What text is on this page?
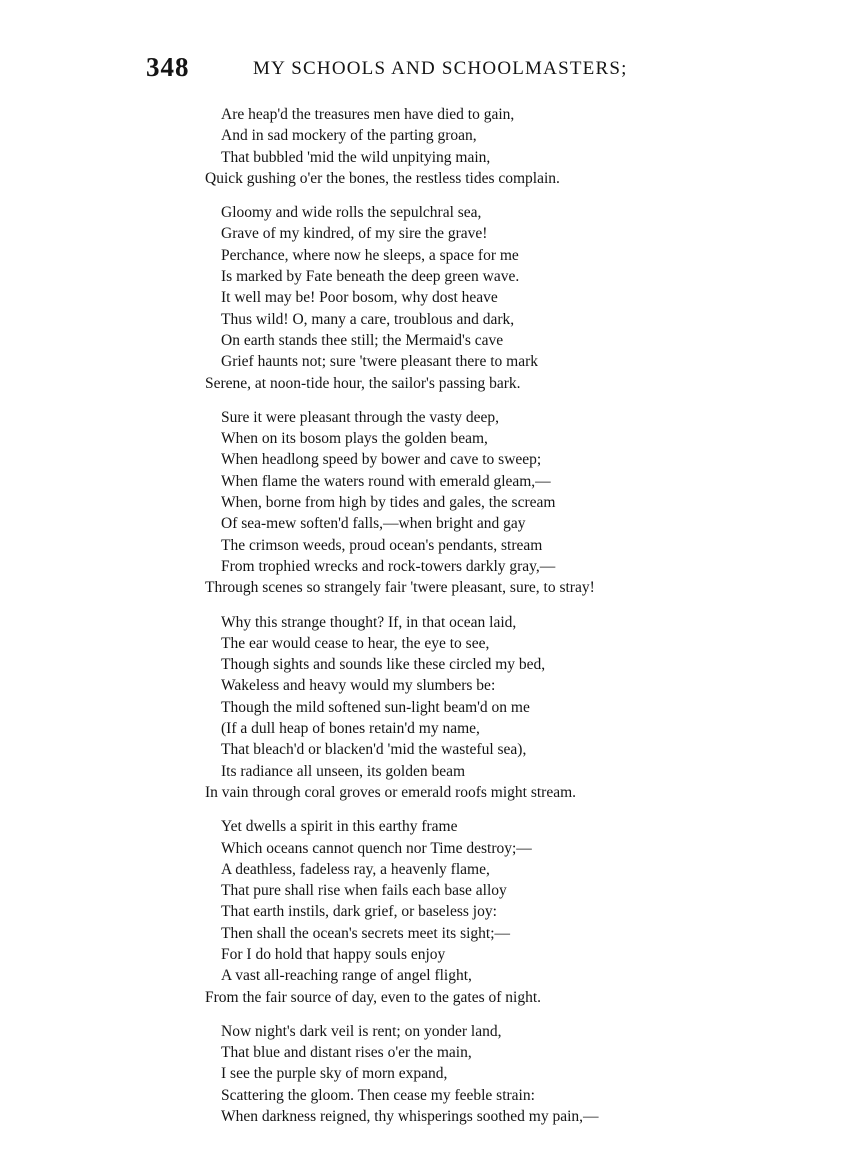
348	MY SCHOOLS AND SCHOOLMASTERS;
Are heap'd the treasures men have died to gain,
And in sad mockery of the parting groan,
That bubbled 'mid the wild unpitying main,
Quick gushing o'er the bones, the restless tides complain.
Gloomy and wide rolls the sepulchral sea,
Grave of my kindred, of my sire the grave!
Perchance, where now he sleeps, a space for me
Is marked by Fate beneath the deep green wave.
It well may be! Poor bosom, why dost heave
Thus wild! O, many a care, troublous and dark,
On earth stands thee still; the Mermaid's cave
Grief haunts not; sure 'twere pleasant there to mark
Serene, at noon-tide hour, the sailor's passing bark.
Sure it were pleasant through the vasty deep,
When on its bosom plays the golden beam,
When headlong speed by bower and cave to sweep;
When flame the waters round with emerald gleam,—
When, borne from high by tides and gales, the scream
Of sea-mew soften'd falls,—when bright and gay
The crimson weeds, proud ocean's pendants, stream
From trophied wrecks and rock-towers darkly gray,—
Through scenes so strangely fair 'twere pleasant, sure, to stray!
Why this strange thought? If, in that ocean laid,
The ear would cease to hear, the eye to see,
Though sights and sounds like these circled my bed,
Wakeless and heavy would my slumbers be:
Though the mild softened sun-light beam'd on me
(If a dull heap of bones retain'd my name,
That bleach'd or blacken'd 'mid the wasteful sea),
Its radiance all unseen, its golden beam
In vain through coral groves or emerald roofs might stream.
Yet dwells a spirit in this earthy frame
Which oceans cannot quench nor Time destroy;—
A deathless, fadeless ray, a heavenly flame,
That pure shall rise when fails each base alloy
That earth instils, dark grief, or baseless joy:
Then shall the ocean's secrets meet its sight;—
For I do hold that happy souls enjoy
A vast all-reaching range of angel flight,
From the fair source of day, even to the gates of night.
Now night's dark veil is rent; on yonder land,
That blue and distant rises o'er the main,
I see the purple sky of morn expand,
Scattering the gloom. Then cease my feeble strain:
When darkness reigned, thy whisperings soothed my pain,—
